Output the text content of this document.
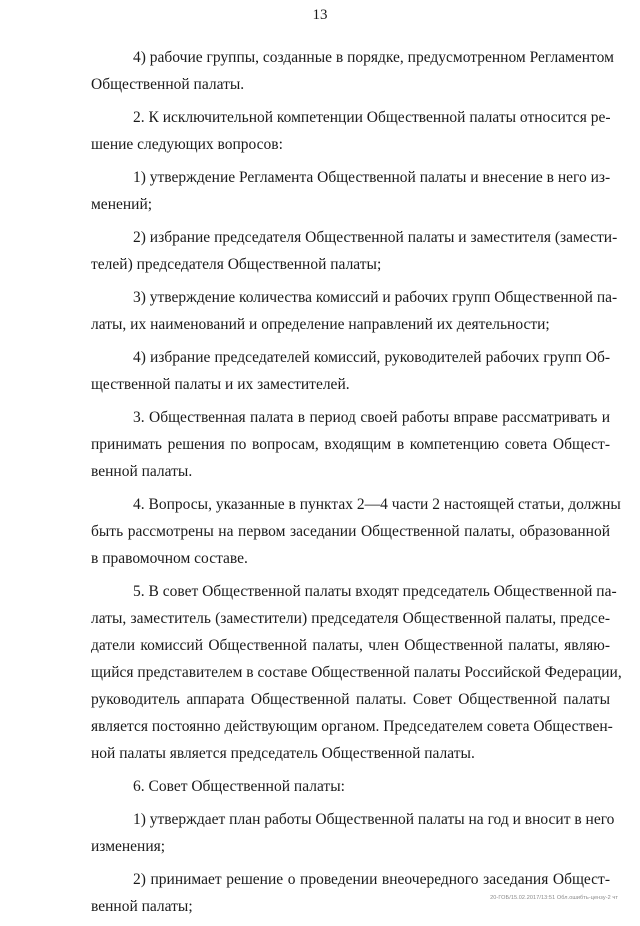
13
4) рабочие группы, созданные в порядке, предусмотренном Регламентом
Общественной палаты.
2. К исключительной компетенции Общественной палаты относится ре-
шение следующих вопросов:
1) утверждение Регламента Общественной палаты и внесение в него из-
менений;
2) избрание председателя Общественной палаты и заместителя (замести-
телей) председателя Общественной палаты;
3) утверждение количества комиссий и рабочих групп Общественной па-
латы, их наименований и определение направлений их деятельности;
4) избрание председателей комиссий, руководителей рабочих групп Об-
щественной палаты и их заместителей.
3. Общественная палата в период своей работы вправе рассматривать и
принимать решения по вопросам, входящим в компетенцию совета Общест-
венной палаты.
4. Вопросы, указанные в пунктах 2—4 части 2 настоящей статьи, должны
быть рассмотрены на первом заседании Общественной палаты, образованной
в правомочном составе.
5. В совет Общественной палаты входят председатель Общественной па-
латы, заместитель (заместители) председателя Общественной палаты, предсе-
датели комиссий Общественной палаты, член Общественной палаты, являю-
щийся представителем в составе Общественной палаты Российской Федерации,
руководитель аппарата Общественной палаты. Совет Общественной палаты
является постоянно действующим органом. Председателем совета Обществен-
ной палаты является председатель Общественной палаты.
6. Совет Общественной палаты:
1) утверждает план работы Общественной палаты на год и вносит в него
изменения;
2) принимает решение о проведении внеочередного заседания Общест-
венной палаты;	20-ГОБ/15.02.2017/13:51 Обл.ошибть-цензу-2 чт
